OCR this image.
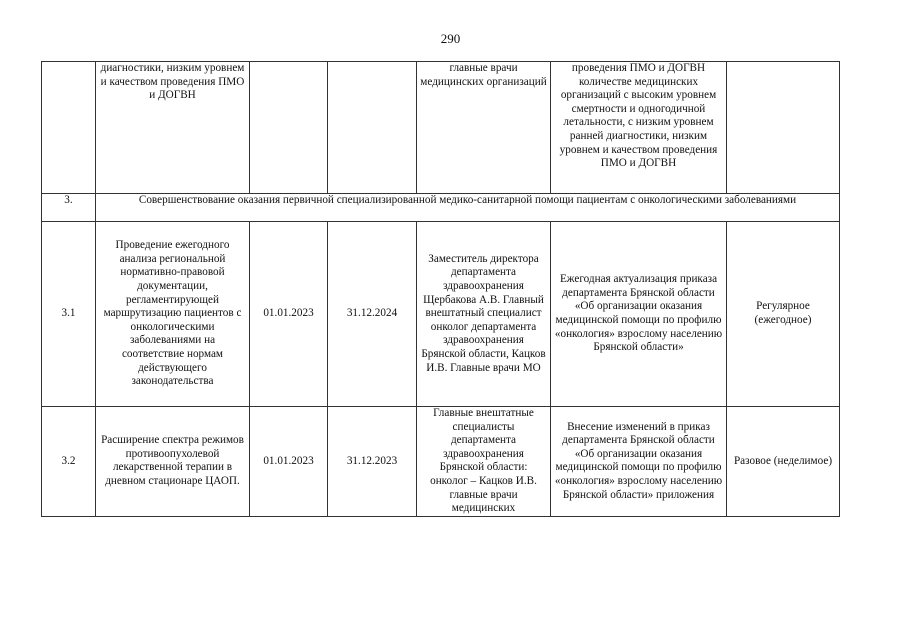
290
	диагностики, низким уровнем и качеством проведения ПМО и ДОГВН			главные врачи медицинских организаций	проведения ПМО и ДОГВН количестве медицинских организаций с высоким уровнем смертности и одногодичной летальности, с низким уровнем ранней диагностики, низким уровнем и качеством проведения ПМО и ДОГВН	
3.	Совершенствование оказания первичной специализированной медико-санитарной помощи пациентам с онкологическими заболеваниями					
3.1	Проведение ежегодного анализа региональной нормативно-правовой документации, регламентирующей маршрутизацию пациентов с онкологическими заболеваниями на соответствие нормам действующего законодательства	01.01.2023	31.12.2024	Заместитель директора департамента здравоохранения Щербакова А.В. Главный внештатный специалист онколог департамента здравоохранения Брянской области, Кацков И.В. Главные врачи МО	Ежегодная актуализация приказа департамента Брянской области «Об организации оказания медицинской помощи по профилю «онкология» взрослому населению Брянской области»	Регулярное (ежегодное)
3.2	Расширение спектра режимов противоопухолевой лекарственной терапии в дневном стационаре ЦАОП.	01.01.2023	31.12.2023	Главные внештатные специалисты департамента здравоохранения Брянской области: онколог – Кацков И.В. главные врачи медицинских	Внесение изменений в приказ департамента Брянской области «Об организации оказания медицинской помощи по профилю «онкология» взрослому населению Брянской области» приложения	Разовое (неделимое)
